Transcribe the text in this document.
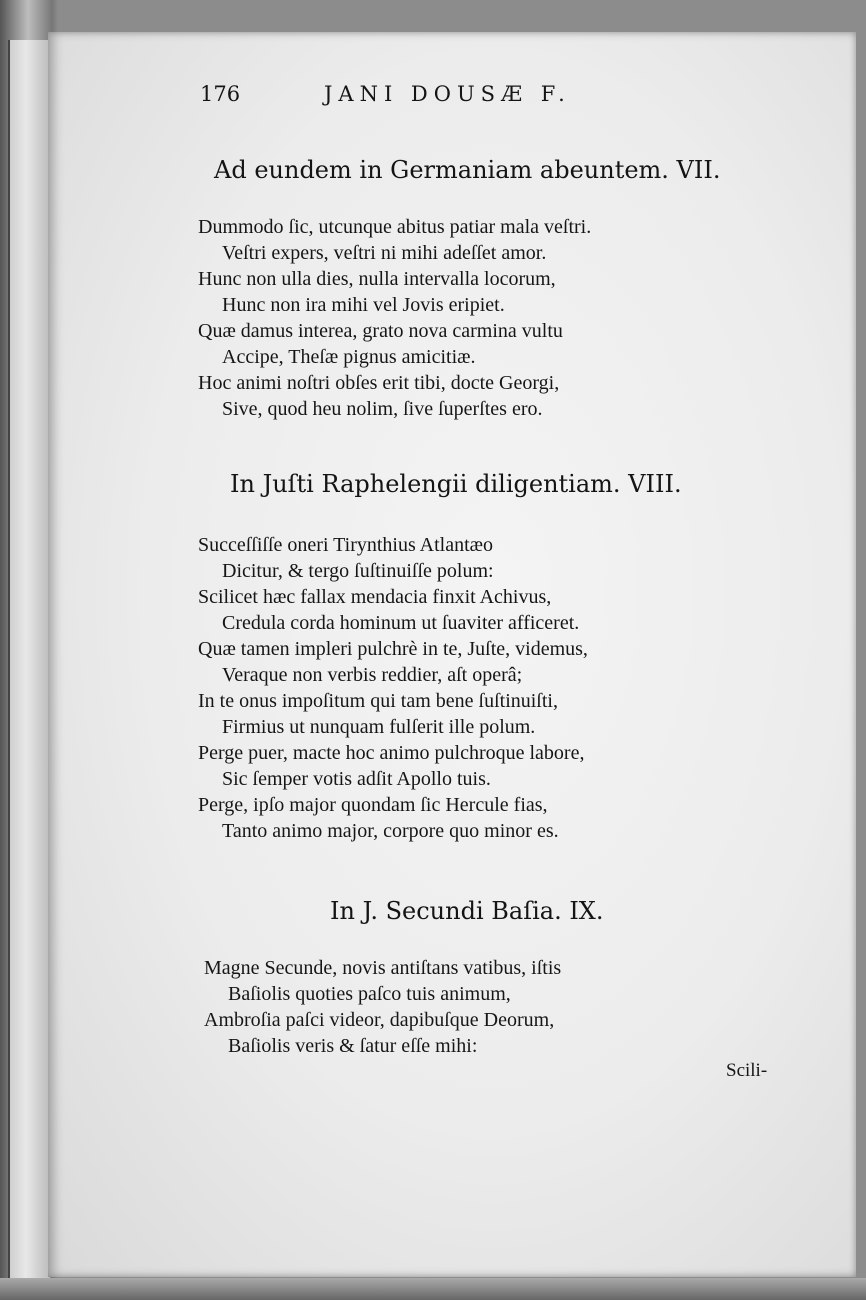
176	JANI DOUSÆ F.
Ad eundem in Germaniam abeuntem. VII.
Dummodo ſic, utcunque abitus patiar mala veſtri.
Veſtri expers, veſtri ni mihi adeſſet amor.
Hunc non ulla dies, nulla intervalla locorum,
Hunc non ira mihi vel Jovis eripiet.
Quæ damus interea, grato nova carmina vultu
Accipe, Theſæ pignus amicitiæ.
Hoc animi noſtri obſes erit tibi, docte Georgi,
Sive, quod heu nolim, ſive ſuperſtes ero.
In Juſti Raphelengii diligentiam. VIII.
Succeſſiſſe oneri Tirynthius Atlantæo
Dicitur, & tergo ſuſtinuiſſe polum:
Scilicet hæc fallax mendacia finxit Achivus,
Credula corda hominum ut ſuaviter afficeret.
Quæ tamen impleri pulchrè in te, Juſte, videmus,
Veraque non verbis reddier, aſt operâ;
In te onus impoſitum qui tam bene ſuſtinuiſti,
Firmius ut nunquam fulſerit ille polum.
Perge puer, macte hoc animo pulchroque labore,
Sic ſemper votis adſit Apollo tuis.
Perge, ipſo major quondam ſic Hercule fias,
Tanto animo major, corpore quo minor es.
In J. Secundi Baſia. IX.
Magne Secunde, novis antiſtans vatibus, iſtis
Baſiolis quoties paſco tuis animum,
Ambroſia paſci videor, dapibuſque Deorum,
Baſiolis veris & ſatur eſſe mihi:
Scili-
